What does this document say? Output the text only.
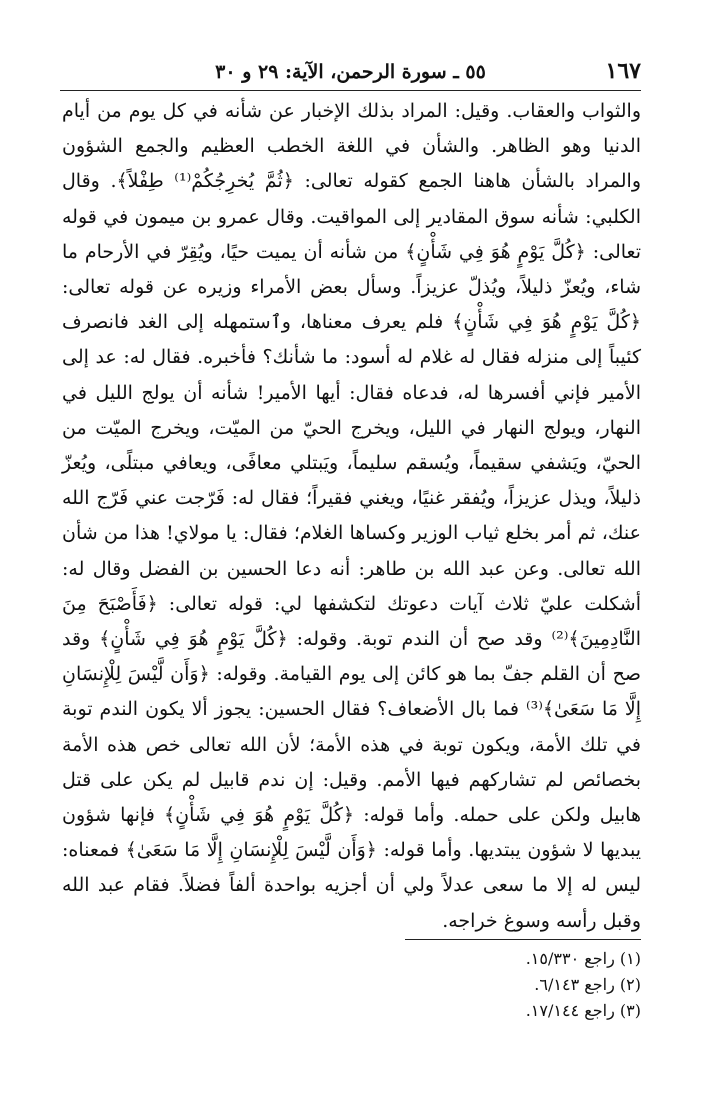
١٦٧
٥٥ ـ سورة الرحمن، الآية: ٢٩ و ٣٠

والثواب والعقاب. وقيل: المراد بذلك الإخبار عن شأنه في كل يوم من أيام الدنيا وهو الظاهر. والشأن في اللغة الخطب العظيم والجمع الشؤون والمراد بالشأن هاهنا الجمع كقوله تعالى: ﴿ثُمَّ يُخرِجُكُمْ⁽¹⁾ طِفْلاً﴾. وقال الكلبي: شأنه سوق المقادير إلى المواقيت. وقال عمرو بن ميمون في قوله تعالى: ﴿كُلَّ يَوْمٍ هُوَ فِي شَأْنٍ﴾ من شأنه أن يميت حيًا، ويُقِرّ في الأرحام ما شاء، ويُعزّ ذليلاً، ويُذلّ عزيزاً. وسأل بعض الأمراء وزيره عن قوله تعالى: ﴿كُلَّ يَوْمٍ هُوَ فِي شَأْنٍ﴾ فلم يعرف معناها، وٱستمهله إلى الغد فانصرف كئيباً إلى منزله فقال له غلام له أسود: ما شأنك؟ فأخبره. فقال له: عد إلى الأمير فإني أفسرها له، فدعاه فقال: أيها الأمير! شأنه أن يولج الليل في النهار، ويولج النهار في الليل، ويخرج الحيّ من الميّت، ويخرج الميّت من الحيّ، ويَشفي سقيماً، ويُسقم سليماً، ويَبتلي معافًى، ويعافي مبتلًى، ويُعزّ ذليلاً، ويذل عزيزاً، ويُفقر غنيًا، ويغني فقيراً؛ فقال له: فَرّجت عني فَرّج الله عنك، ثم أمر بخلع ثياب الوزير وكساها الغلام؛ فقال: يا مولاي! هذا من شأن الله تعالى. وعن عبد الله بن طاهر: أنه دعا الحسين بن الفضل وقال له: أشكلت عليّ ثلاث آيات دعوتك لتكشفها لي: قوله تعالى: ﴿فَأَصْبَحَ مِنَ النَّادِمِينَ﴾⁽²⁾ وقد صح أن الندم توبة. وقوله: ﴿كُلَّ يَوْمٍ هُوَ فِي شَأْنٍ﴾ وقد صح أن القلم جفّ بما هو كائن إلى يوم القيامة. وقوله: ﴿وَأَن لَّيْسَ لِلْإِنسَانِ إِلَّا مَا سَعَىٰ﴾⁽³⁾ فما بال الأضعاف؟ فقال الحسين: يجوز ألا يكون الندم توبة في تلك الأمة، ويكون توبة في هذه الأمة؛ لأن الله تعالى خص هذه الأمة بخصائص لم تشاركهم فيها الأمم. وقيل: إن ندم قابيل لم يكن على قتل هابيل ولكن على حمله. وأما قوله: ﴿كُلَّ يَوْمٍ هُوَ فِي شَأْنٍ﴾ فإنها شؤون يبديها لا شؤون يبتديها. وأما قوله: ﴿وَأَن لَّيْسَ لِلْإِنسَانِ إِلَّا مَا سَعَىٰ﴾ فمعناه: ليس له إلا ما سعى عدلاً ولي أن أجزيه بواحدة ألفاً فضلاً. فقام عبد الله وقبل رأسه وسوغ خراجه.

(١) راجع ١٥/٣٣٠.
(٢) راجع ٦/١٤٣.
(٣) راجع ١٧/١٤٤.
